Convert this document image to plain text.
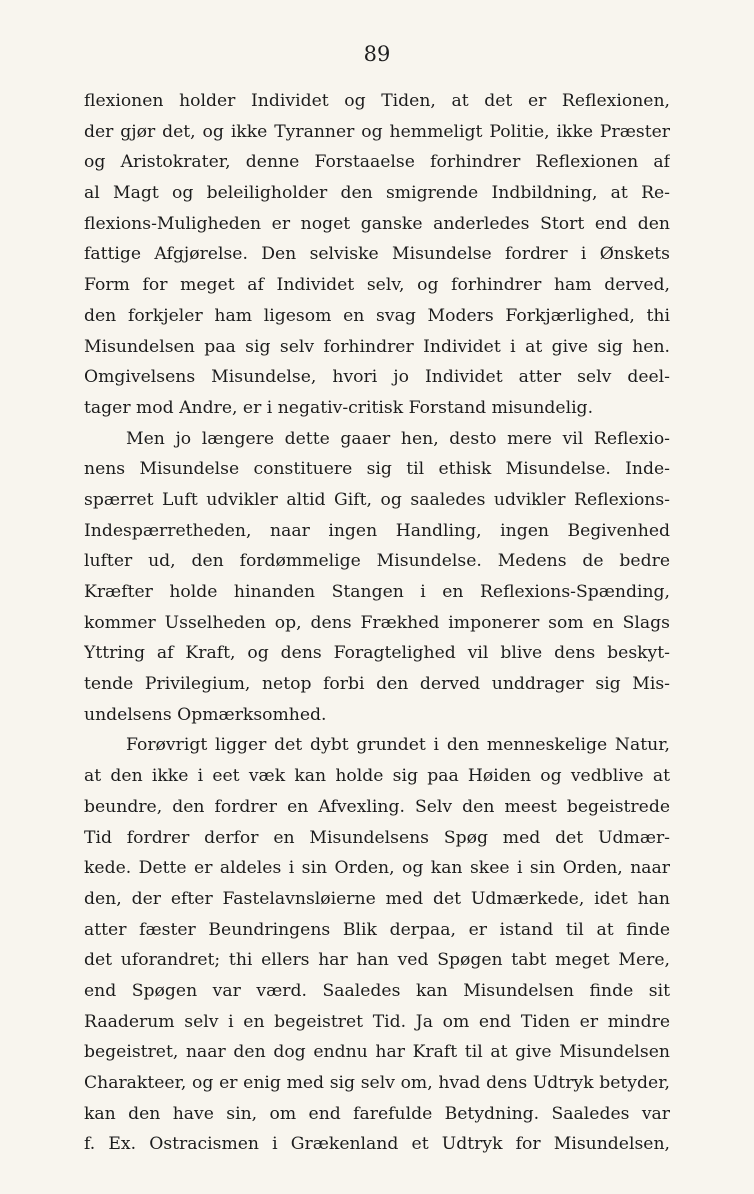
89
flexionen holder Individet og Tiden, at det er Reflexionen,
der gjør det, og ikke Tyranner og hemmeligt Politie, ikke Præster
og Aristokrater, denne Forstaaelse forhindrer Reflexionen af
al Magt og beleiligholder den smigrende Indbildning, at Re-
flexions-Muligheden er noget ganske anderledes Stort end den
fattige Afgjørelse. Den selviske Misundelse fordrer i Ønskets
Form for meget af Individet selv, og forhindrer ham derved,
den forkjeler ham ligesom en svag Moders Forkjærlighed, thi
Misundelsen paa sig selv forhindrer Individet i at give sig hen.
Omgivelsens Misundelse, hvori jo Individet atter selv deel-
tager mod Andre, er i negativ-critisk Forstand misundelig.
Men jo længere dette gaaer hen, desto mere vil Reflexio-
nens Misundelse constituere sig til ethisk Misundelse. Inde-
spærret Luft udvikler altid Gift, og saaledes udvikler Reflexions-
Indespærretheden, naar ingen Handling, ingen Begivenhed
lufter ud, den fordømmelige Misundelse. Medens de bedre
Kræfter holde hinanden Stangen i en Reflexions-Spænding,
kommer Usselheden op, dens Frækhed imponerer som en Slags
Yttring af Kraft, og dens Foragtelighed vil blive dens beskyt-
tende Privilegium, netop forbi den derved unddrager sig Mis-
undelsens Opmærksomhed.
Forøvrigt ligger det dybt grundet i den menneskelige Natur,
at den ikke i eet væk kan holde sig paa Høiden og vedblive at
beundre, den fordrer en Afvexling. Selv den meest begeistrede
Tid fordrer derfor en Misundelsens Spøg med det Udmær-
kede. Dette er aldeles i sin Orden, og kan skee i sin Orden, naar
den, der efter Fastelavnsløierne med det Udmærkede, idet han
atter fæster Beundringens Blik derpaa, er istand til at finde
det uforandret; thi ellers har han ved Spøgen tabt meget Mere,
end Spøgen var værd. Saaledes kan Misundelsen finde sit
Raaderum selv i en begeistret Tid. Ja om end Tiden er mindre
begeistret, naar den dog endnu har Kraft til at give Misundelsen
Charakteer, og er enig med sig selv om, hvad dens Udtryk betyder,
kan den have sin, om end farefulde Betydning. Saaledes var
f. Ex. Ostracismen i Grækenland et Udtryk for Misundelsen,
